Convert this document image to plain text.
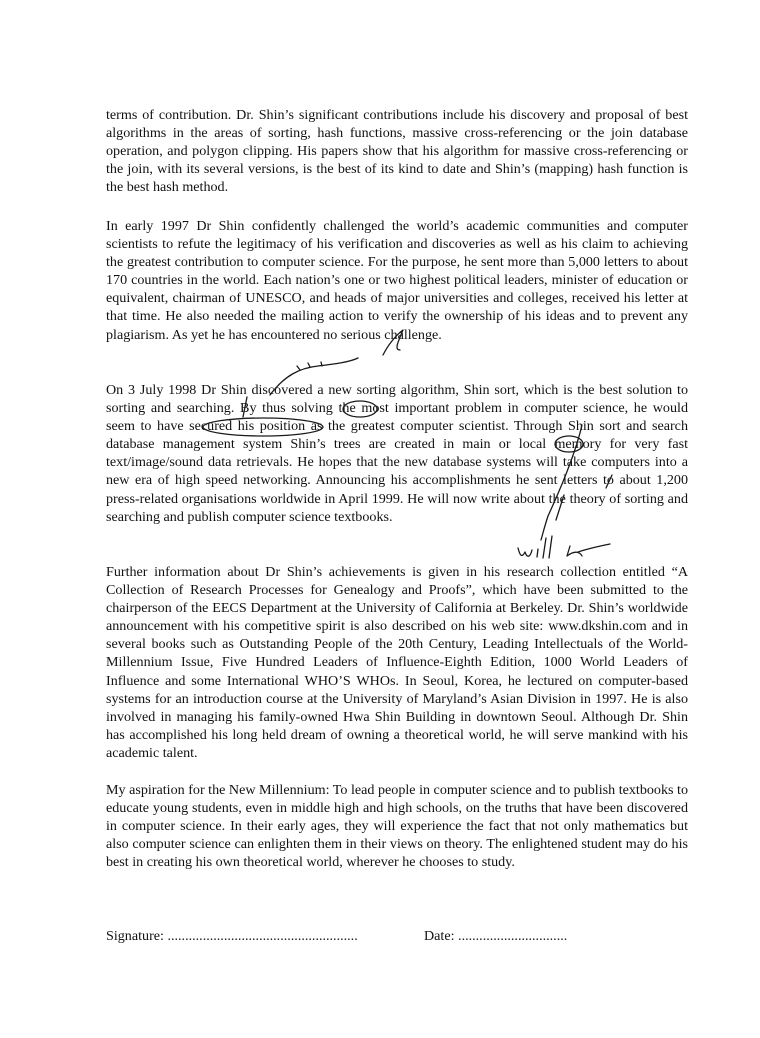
terms of contribution. Dr. Shin’s significant contributions include his discovery and proposal of best algorithms in the areas of sorting, hash functions, massive cross-referencing or the join database operation, and polygon clipping. His papers show that his algorithm for massive cross-referencing or the join, with its several versions, is the best of its kind to date and Shin’s (mapping) hash function is the best hash method.

In early 1997 Dr Shin confidently challenged the world’s academic communities and computer scientists to refute the legitimacy of his verification and discoveries as well as his claim to achieving the greatest contribution to computer science. For the purpose, he sent more than 5,000 letters to about 170 countries in the world. Each nation’s one or two highest political leaders, minister of education or equivalent, chairman of UNESCO, and heads of major universities and colleges, received his letter at that time. He also needed the mailing action to verify the ownership of his ideas and to prevent any plagiarism. As yet he has encountered no serious challenge.

On 3 July 1998 Dr Shin discovered a new sorting algorithm, Shin sort, which is the best solution to sorting and searching. By thus solving the most important problem in computer science, he would seem to have secured his position as the greatest computer scientist. Through Shin sort and search database management system Shin’s trees are created in main or local memory for very fast text/image/sound data retrievals. He hopes that the new database systems will take computers into a new era of high speed networking. Announcing his accomplishments he sent letters to about 1,200 press-related organisations worldwide in April 1999. He will now write about the theory of sorting and searching and publish computer science textbooks.

Further information about Dr Shin’s achievements is given in his research collection entitled “A Collection of Research Processes for Genealogy and Proofs”, which have been submitted to the chairperson of the EECS Department at the University of California at Berkeley. Dr. Shin’s worldwide announcement with his competitive spirit is also described on his web site: www.dkshin.com and in several books such as Outstanding People of the 20th Century, Leading Intellectuals of the World-Millennium Issue, Five Hundred Leaders of Influence-Eighth Edition, 1000 World Leaders of Influence and some International WHO’S WHOs. In Seoul, Korea, he lectured on computer-based systems for an introduction course at the University of Maryland’s Asian Division in 1997. He is also involved in managing his family-owned Hwa Shin Building in downtown Seoul. Although Dr. Shin has accomplished his long held dream of owning a theoretical world, he will serve mankind with his academic talent.

My aspiration for the New Millennium: To lead people in computer science and to publish textbooks to educate young students, even in middle high and high schools, on the truths that have been discovered in computer science. In their early ages, they will experience the fact that not only mathematics but also computer science can enlighten them in their views on theory. The enlightened student may do his best in creating his own theoretical world, wherever he chooses to study.

Signature: ......................................................	Date: ...............................
